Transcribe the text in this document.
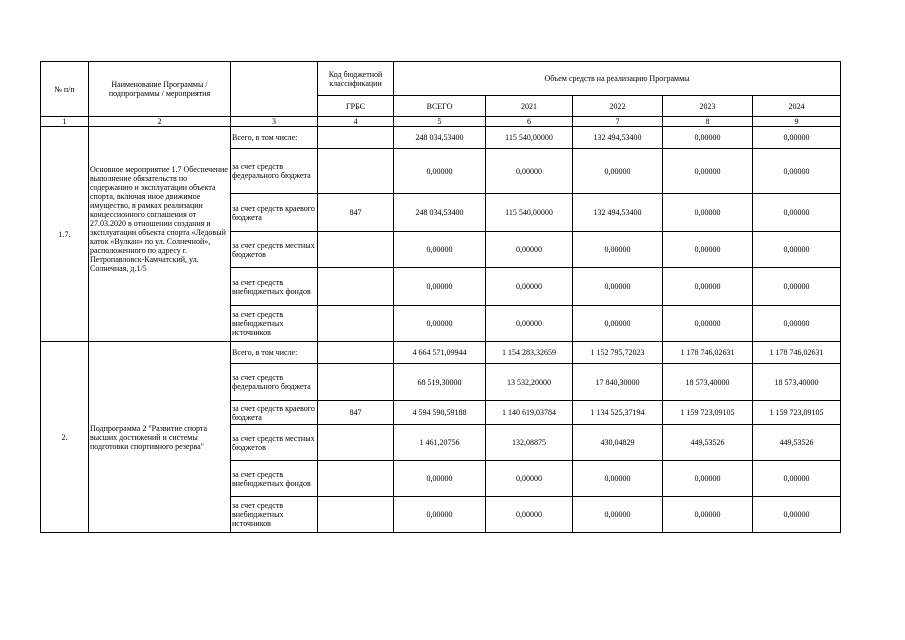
№ п/п	Наименование Программы / подпрограммы / мероприятия		Код бюджетной классификации	Объем средств на реализацию Программы				
			ГРБС	ВСЕГО	2021	2022	2023	2024
1	2	3	4	5	6	7	8	9
1.7.	Основное мероприятие 1.7 Обеспечение выполнение обязательств по содержанию и эксплуатации объекта спорта, включая иное движимое имущество, в рамках реализации концессионного соглашения от 27.03.2020 в отношении создания и эксплуатации объекта спорта «Ледовый каток «Вулкан» по ул. Солнечной», расположенного по адресу г. Петропавловск-Камчатский, ул. Солнечная, д.1/5	Всего, в том числе:		248 034,53400	115 540,00000	132 494,53400	0,00000	0,00000
		за счет средств федерального бюджета		0,00000	0,00000	0,00000	0,00000	0,00000
		за счет средств краевого бюджета	847	248 034,53400	115 540,00000	132 494,53400	0,00000	0,00000
		за счет средств местных бюджетов		0,00000	0,00000	0,00000	0,00000	0,00000
		за счет средств внебюджетных фондов		0,00000	0,00000	0,00000	0,00000	0,00000
		за счет средств внебюджетных источников		0,00000	0,00000	0,00000	0,00000	0,00000
2.	Подпрограмма 2 "Развитие спорта высших достижений и системы подготовки спортивного резерва"	Всего, в том числе:		4 664 571,09944	1 154 283,32659	1 152 795,72023	1 178 746,02631	1 178 746,02631
		за счет средств федерального бюджета		68 519,30000	13 532,20000	17 840,30000	18 573,40000	18 573,40000
		за счет средств краевого бюджета	847	4 594 590,59188	1 140 619,03784	1 134 525,37194	1 159 723,09105	1 159 723,09105
		за счет средств местных бюджетов		1 461,20756	132,08875	430,04829	449,53526	449,53526
		за счет средств внебюджетных фондов		0,00000	0,00000	0,00000	0,00000	0,00000
		за счет средств внебюджетных источников		0,00000	0,00000	0,00000	0,00000	0,00000
